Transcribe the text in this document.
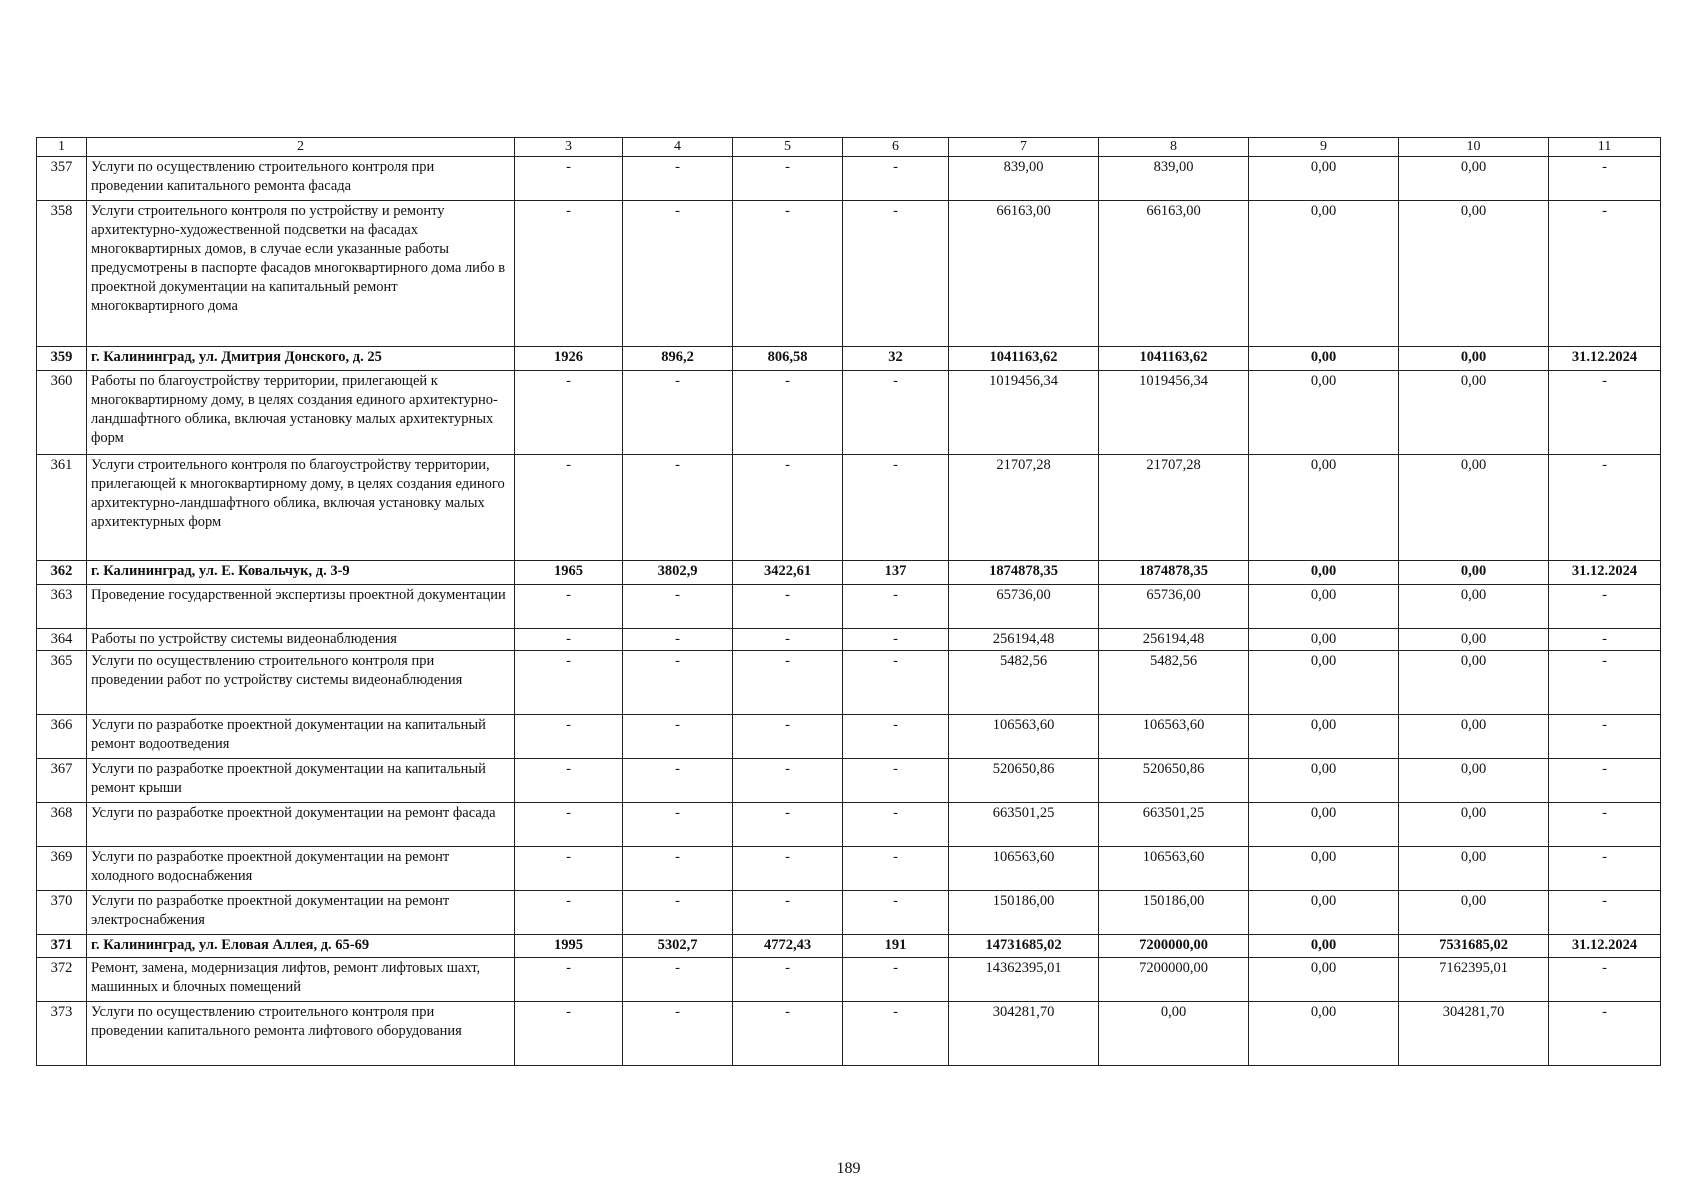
1	2	3	4	5	6	7	8	9	10	11
357	Услуги по осуществлению строительного контроля при проведении капитального ремонта фасада	-	-	-	-	839,00	839,00	0,00	0,00	-
358	Услуги строительного контроля по устройству и ремонту архитектурно-художественной подсветки на фасадах многоквартирных домов, в случае если указанные работы предусмотрены в паспорте фасадов многоквартирного дома либо в проектной документации на капитальный ремонт многоквартирного дома	-	-	-	-	66163,00	66163,00	0,00	0,00	-
359	г. Калининград, ул. Дмитрия Донского, д. 25	1926	896,2	806,58	32	1041163,62	1041163,62	0,00	0,00	31.12.2024
360	Работы по благоустройству территории, прилегающей к многоквартирному дому, в целях создания единого архитектурно-ландшафтного облика, включая установку малых архитектурных форм	-	-	-	-	1019456,34	1019456,34	0,00	0,00	-
361	Услуги строительного контроля по благоустройству территории, прилегающей к многоквартирному дому, в целях создания единого архитектурно-ландшафтного облика, включая установку малых архитектурных форм	-	-	-	-	21707,28	21707,28	0,00	0,00	-
362	г. Калининград, ул. Е. Ковальчук, д. 3-9	1965	3802,9	3422,61	137	1874878,35	1874878,35	0,00	0,00	31.12.2024
363	Проведение государственной экспертизы проектной документации	-	-	-	-	65736,00	65736,00	0,00	0,00	-
364	Работы по устройству системы видеонаблюдения	-	-	-	-	256194,48	256194,48	0,00	0,00	-
365	Услуги по осуществлению строительного контроля при проведении работ по устройству системы видеонаблюдения	-	-	-	-	5482,56	5482,56	0,00	0,00	-
366	Услуги по разработке проектной документации на капитальный ремонт водоотведения	-	-	-	-	106563,60	106563,60	0,00	0,00	-
367	Услуги по разработке проектной документации на капитальный ремонт крыши	-	-	-	-	520650,86	520650,86	0,00	0,00	-
368	Услуги по разработке проектной документации на ремонт фасада	-	-	-	-	663501,25	663501,25	0,00	0,00	-
369	Услуги по разработке проектной документации на ремонт холодного водоснабжения	-	-	-	-	106563,60	106563,60	0,00	0,00	-
370	Услуги по разработке проектной документации на ремонт электроснабжения	-	-	-	-	150186,00	150186,00	0,00	0,00	-
371	г. Калининград, ул. Еловая Аллея, д. 65-69	1995	5302,7	4772,43	191	14731685,02	7200000,00	0,00	7531685,02	31.12.2024
372	Ремонт, замена, модернизация лифтов, ремонт лифтовых шахт, машинных и блочных помещений	-	-	-	-	14362395,01	7200000,00	0,00	7162395,01	-
373	Услуги по осуществлению строительного контроля при проведении капитального ремонта лифтового оборудования	-	-	-	-	304281,70	0,00	0,00	304281,70	-
189
